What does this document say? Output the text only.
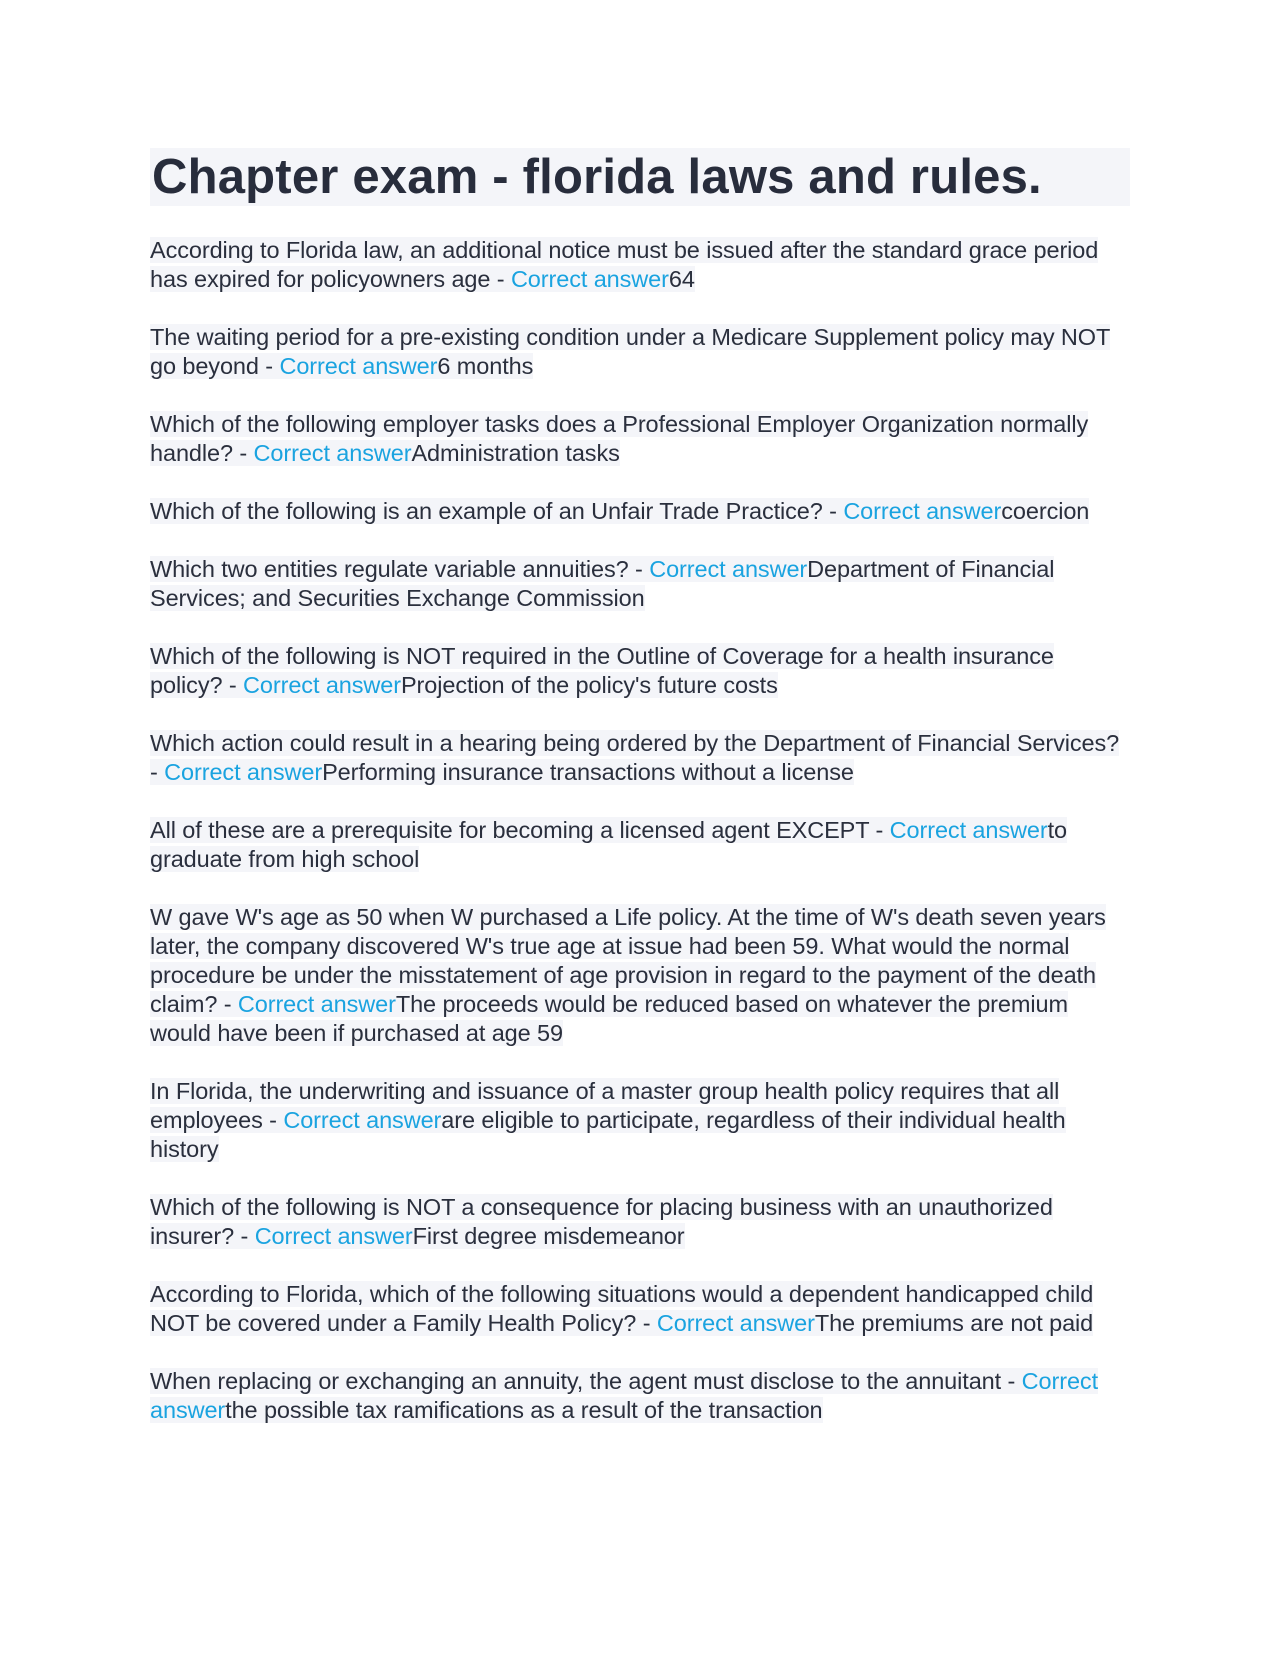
Chapter exam - florida laws and rules.

According to Florida law, an additional notice must be issued after the standard grace period has expired for policyowners age - Correct answer64

The waiting period for a pre-existing condition under a Medicare Supplement policy may NOT go beyond - Correct answer6 months

Which of the following employer tasks does a Professional Employer Organization normally handle? - Correct answerAdministration tasks

Which of the following is an example of an Unfair Trade Practice? - Correct answercoercion

Which two entities regulate variable annuities? - Correct answerDepartment of Financial Services; and Securities Exchange Commission

Which of the following is NOT required in the Outline of Coverage for a health insurance policy? - Correct answerProjection of the policy's future costs

Which action could result in a hearing being ordered by the Department of Financial Services? - Correct answerPerforming insurance transactions without a license

All of these are a prerequisite for becoming a licensed agent EXCEPT - Correct answerto graduate from high school

W gave W's age as 50 when W purchased a Life policy. At the time of W's death seven years later, the company discovered W's true age at issue had been 59. What would the normal procedure be under the misstatement of age provision in regard to the payment of the death claim? - Correct answerThe proceeds would be reduced based on whatever the premium would have been if purchased at age 59

In Florida, the underwriting and issuance of a master group health policy requires that all employees - Correct answerare eligible to participate, regardless of their individual health history

Which of the following is NOT a consequence for placing business with an unauthorized insurer? - Correct answerFirst degree misdemeanor

According to Florida, which of the following situations would a dependent handicapped child NOT be covered under a Family Health Policy? - Correct answerThe premiums are not paid

When replacing or exchanging an annuity, the agent must disclose to the annuitant - Correct answerthe possible tax ramifications as a result of the transaction
